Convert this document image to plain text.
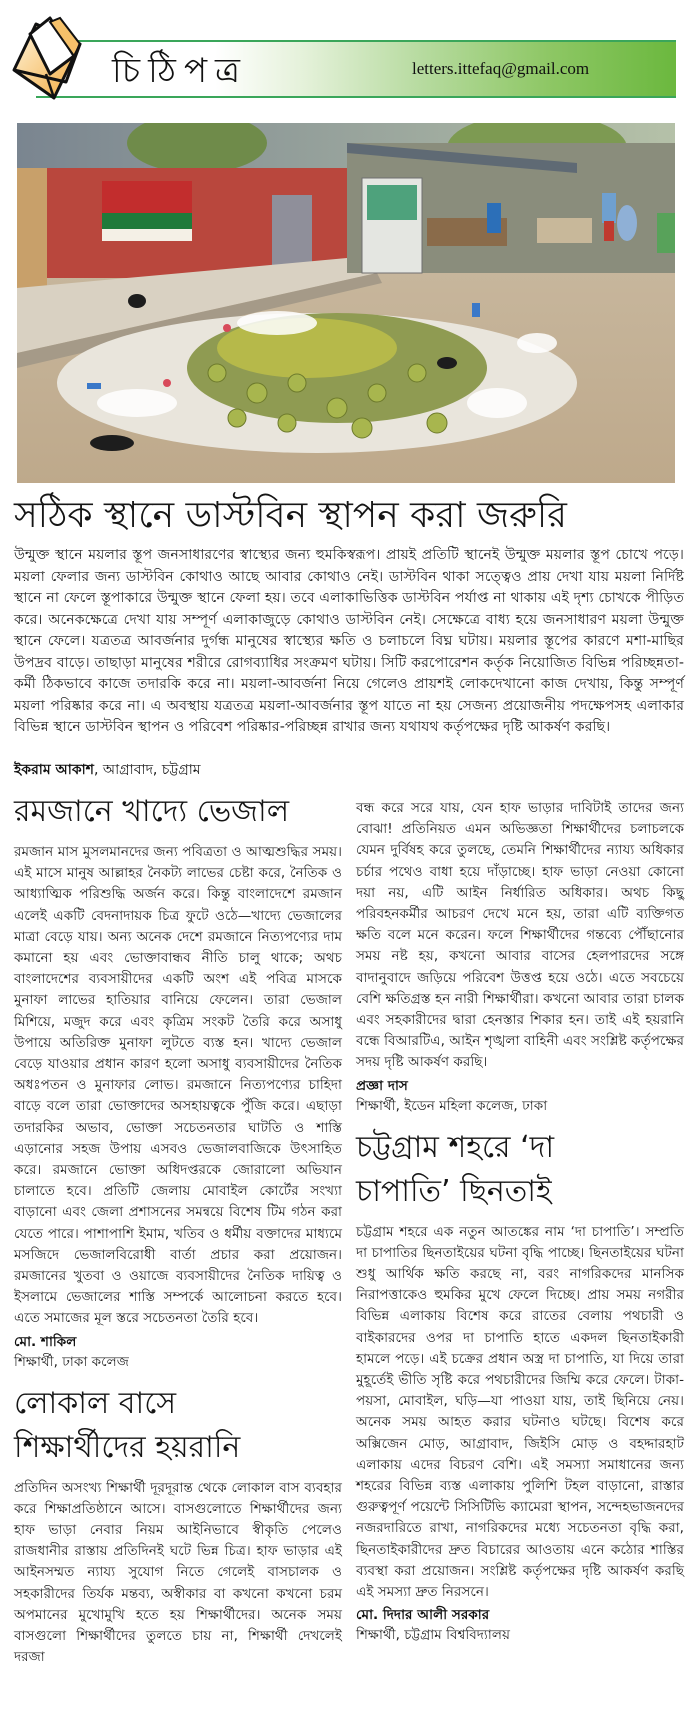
চিঠিপত্র	letters.ittefaq@gmail.com
সঠিক স্থানে ডাস্টবিন স্থাপন করা জরুরি

উন্মুক্ত স্থানে ময়লার স্তূপ জনসাধারণের স্বাস্থ্যের জন্য হুমকিস্বরূপ। প্রায়ই প্রতিটি স্থানেই উন্মুক্ত ময়লার স্তূপ চোখে পড়ে। ময়লা ফেলার জন্য ডাস্টবিন কোথাও আছে আবার কোথাও নেই। ডাস্টবিন থাকা সত্ত্বেও প্রায় দেখা যায় ময়লা নির্দিষ্ট স্থানে না ফেলে স্তূপাকারে উন্মুক্ত স্থানে ফেলা হয়। তবে এলাকাভিত্তিক ডাস্টবিন পর্যাপ্ত না থাকায় এই দৃশ্য চোখকে পীড়িত করে। অনেকক্ষেত্রে দেখা যায় সম্পূর্ণ এলাকাজুড়ে কোথাও ডাস্টবিন নেই। সেক্ষেত্রে বাধ্য হয়ে জনসাধারণ ময়লা উন্মুক্ত স্থানে ফেলে। যত্রতত্র আবর্জনার দুর্গন্ধ মানুষের স্বাস্থ্যের ক্ষতি ও চলাচলে বিঘ্ন ঘটায়। ময়লার স্তূপের কারণে মশা-মাছির উপদ্রব বাড়ে। তাছাড়া মানুষের শরীরে রোগব্যাধির সংক্রমণ ঘটায়। সিটি করপোরেশন কর্তৃক নিয়োজিত বিভিন্ন পরিচ্ছন্নতা-কর্মী ঠিকভাবে কাজে তদারকি করে না। ময়লা-আবর্জনা নিয়ে গেলেও প্রায়শই লোকদেখানো কাজ দেখায়, কিন্তু সম্পূর্ণ ময়লা পরিষ্কার করে না। এ অবস্থায় যত্রতত্র ময়লা-আবর্জনার স্তূপ যাতে না হয় সেজন্য প্রয়োজনীয় পদক্ষেপসহ এলাকার বিভিন্ন স্থানে ডাস্টবিন স্থাপন ও পরিবেশ পরিষ্কার-পরিচ্ছন্ন রাখার জন্য যথাযথ কর্তৃপক্ষের দৃষ্টি আকর্ষণ করছি।

ইকরাম আকাশ, আগ্রাবাদ, চট্টগ্রাম
রমজানে খাদ্যে ভেজাল

রমজান মাস মুসলমানদের জন্য পবিত্রতা ও আত্মশুদ্ধির সময়। এই মাসে মানুষ আল্লাহর নৈকট্য লাভের চেষ্টা করে, নৈতিক ও আধ্যাত্মিক পরিশুদ্ধি অর্জন করে। কিন্তু বাংলাদেশে রমজান এলেই একটি বেদনাদায়ক চিত্র ফুটে ওঠে—খাদ্যে ভেজালের মাত্রা বেড়ে যায়। অন্য অনেক দেশে রমজানে নিত্যপণ্যের দাম কমানো হয় এবং ভোক্তাবান্ধব নীতি চালু থাকে; অথচ বাংলাদেশের ব্যবসায়ীদের একটি অংশ এই পবিত্র মাসকে মুনাফা লাভের হাতিয়ার বানিয়ে ফেলেন। তারা ভেজাল মিশিয়ে, মজুদ করে এবং কৃত্রিম সংকট তৈরি করে অসাধু উপায়ে অতিরিক্ত মুনাফা লুটতে ব্যস্ত হন। খাদ্যে ভেজাল বেড়ে যাওয়ার প্রধান কারণ হলো অসাধু ব্যবসায়ীদের নৈতিক অধঃপতন ও মুনাফার লোভ। রমজানে নিত্যপণ্যের চাহিদা বাড়ে বলে তারা ভোক্তাদের অসহায়ত্বকে পুঁজি করে। এছাড়া তদারকির অভাব, ভোক্তা সচেতনতার ঘাটতি ও শাস্তি এড়ানোর সহজ উপায় এসবও ভেজালবাজিকে উৎসাহিত করে। রমজানে ভোক্তা অধিদপ্তরকে জোরালো অভিযান চালাতে হবে। প্রতিটি জেলায় মোবাইল কোর্টের সংখ্যা বাড়ানো এবং জেলা প্রশাসনের সমন্বয়ে বিশেষ টিম গঠন করা যেতে পারে। পাশাপাশি ইমাম, খতিব ও ধর্মীয় বক্তাদের মাধ্যমে মসজিদে ভেজালবিরোধী বার্তা প্রচার করা প্রয়োজন। রমজানের খুতবা ও ওয়াজে ব্যবসায়ীদের নৈতিক দায়িত্ব ও ইসলামে ভেজালের শাস্তি সম্পর্কে আলোচনা করতে হবে। এতে সমাজের মূল স্তরে সচেতনতা তৈরি হবে।

মো. শাকিল
শিক্ষার্থী, ঢাকা কলেজ
লোকাল বাসে
শিক্ষার্থীদের হয়রানি

প্রতিদিন অসংখ্য শিক্ষার্থী দূরদূরান্ত থেকে লোকাল বাস ব্যবহার করে শিক্ষাপ্রতিষ্ঠানে আসে। বাসগুলোতে শিক্ষার্থীদের জন্য হাফ ভাড়া নেবার নিয়ম আইনিভাবে স্বীকৃতি পেলেও রাজধানীর রাস্তায় প্রতিদিনই ঘটে ভিন্ন চিত্র। হাফ ভাড়ার এই আইনসম্মত ন্যায্য সুযোগ নিতে গেলেই বাসচালক ও সহকারীদের তির্যক মন্তব্য, অস্বীকার বা কখনো কখনো চরম অপমানের মুখোমুখি হতে হয় শিক্ষার্থীদের। অনেক সময় বাসগুলো শিক্ষার্থীদের তুলতে চায় না, শিক্ষার্থী দেখলেই দরজা

বন্ধ করে সরে যায়, যেন হাফ ভাড়ার দাবিটাই তাদের জন্য বোঝা! প্রতিনিয়ত এমন অভিজ্ঞতা শিক্ষার্থীদের চলাচলকে যেমন দুর্বিষহ করে তুলছে, তেমনি শিক্ষার্থীদের ন্যায্য অধিকার চর্চার পথেও বাধা হয়ে দাঁড়াচ্ছে। হাফ ভাড়া নেওয়া কোনো দয়া নয়, এটি আইন নির্ধারিত অধিকার। অথচ কিছু পরিবহনকর্মীর আচরণ দেখে মনে হয়, তারা এটি ব্যক্তিগত ক্ষতি বলে মনে করেন। ফলে শিক্ষার্থীদের গন্তব্যে পৌঁছানোর সময় নষ্ট হয়, কখনো আবার বাসের হেলপারদের সঙ্গে বাদানুবাদে জড়িয়ে পরিবেশ উত্তপ্ত হয়ে ওঠে। এতে সবচেয়ে বেশি ক্ষতিগ্রস্ত হন নারী শিক্ষার্থীরা। কখনো আবার তারা চালক এবং সহকারীদের দ্বারা হেনস্তার শিকার হন। তাই এই হয়রানি বন্ধে বিআরটিএ, আইন শৃঙ্খলা বাহিনী এবং সংশ্লিষ্ট কর্তৃপক্ষের সদয় দৃষ্টি আকর্ষণ করছি।

প্রজ্ঞা দাস
শিক্ষার্থী, ইডেন মহিলা কলেজ, ঢাকা
চট্টগ্রাম শহরে ‘দা
চাপাতি’ ছিনতাই

চট্টগ্রাম শহরে এক নতুন আতঙ্কের নাম ‘দা চাপাতি’। সম্প্রতি দা চাপাতির ছিনতাইয়ের ঘটনা বৃদ্ধি পাচ্ছে। ছিনতাইয়ের ঘটনা শুধু আর্থিক ক্ষতি করছে না, বরং নাগরিকদের মানসিক নিরাপত্তাকেও হুমকির মুখে ফেলে দিচ্ছে। প্রায় সময় নগরীর বিভিন্ন এলাকায় বিশেষ করে রাতের বেলায় পথচারী ও বাইকারদের ওপর দা চাপাতি হাতে একদল ছিনতাইকারী হামলে পড়ে। এই চক্রের প্রধান অস্ত্র দা চাপাতি, যা দিয়ে তারা মুহূর্তেই ভীতি সৃষ্টি করে পথচারীদের জিম্মি করে ফেলে। টাকা-পয়সা, মোবাইল, ঘড়ি—যা পাওয়া যায়, তাই ছিনিয়ে নেয়। অনেক সময় আহত করার ঘটনাও ঘটছে। বিশেষ করে অক্সিজেন মোড়, আগ্রাবাদ, জিইসি মোড় ও বহদ্দারহাট এলাকায় এদের বিচরণ বেশি। এই সমস্যা সমাধানের জন্য শহরের বিভিন্ন ব্যস্ত এলাকায় পুলিশি টহল বাড়ানো, রাস্তার গুরুত্বপূর্ণ পয়েন্টে সিসিটিভি ক্যামেরা স্থাপন, সন্দেহভাজনদের নজরদারিতে রাখা, নাগরিকদের মধ্যে সচেতনতা বৃদ্ধি করা, ছিনতাইকারীদের দ্রুত বিচারের আওতায় এনে কঠোর শাস্তির ব্যবস্থা করা প্রয়োজন। সংশ্লিষ্ট কর্তৃপক্ষের দৃষ্টি আকর্ষণ করছি এই সমস্যা দ্রুত নিরসনে।

মো. দিদার আলী সরকার
শিক্ষার্থী, চট্টগ্রাম বিশ্ববিদ্যালয়
